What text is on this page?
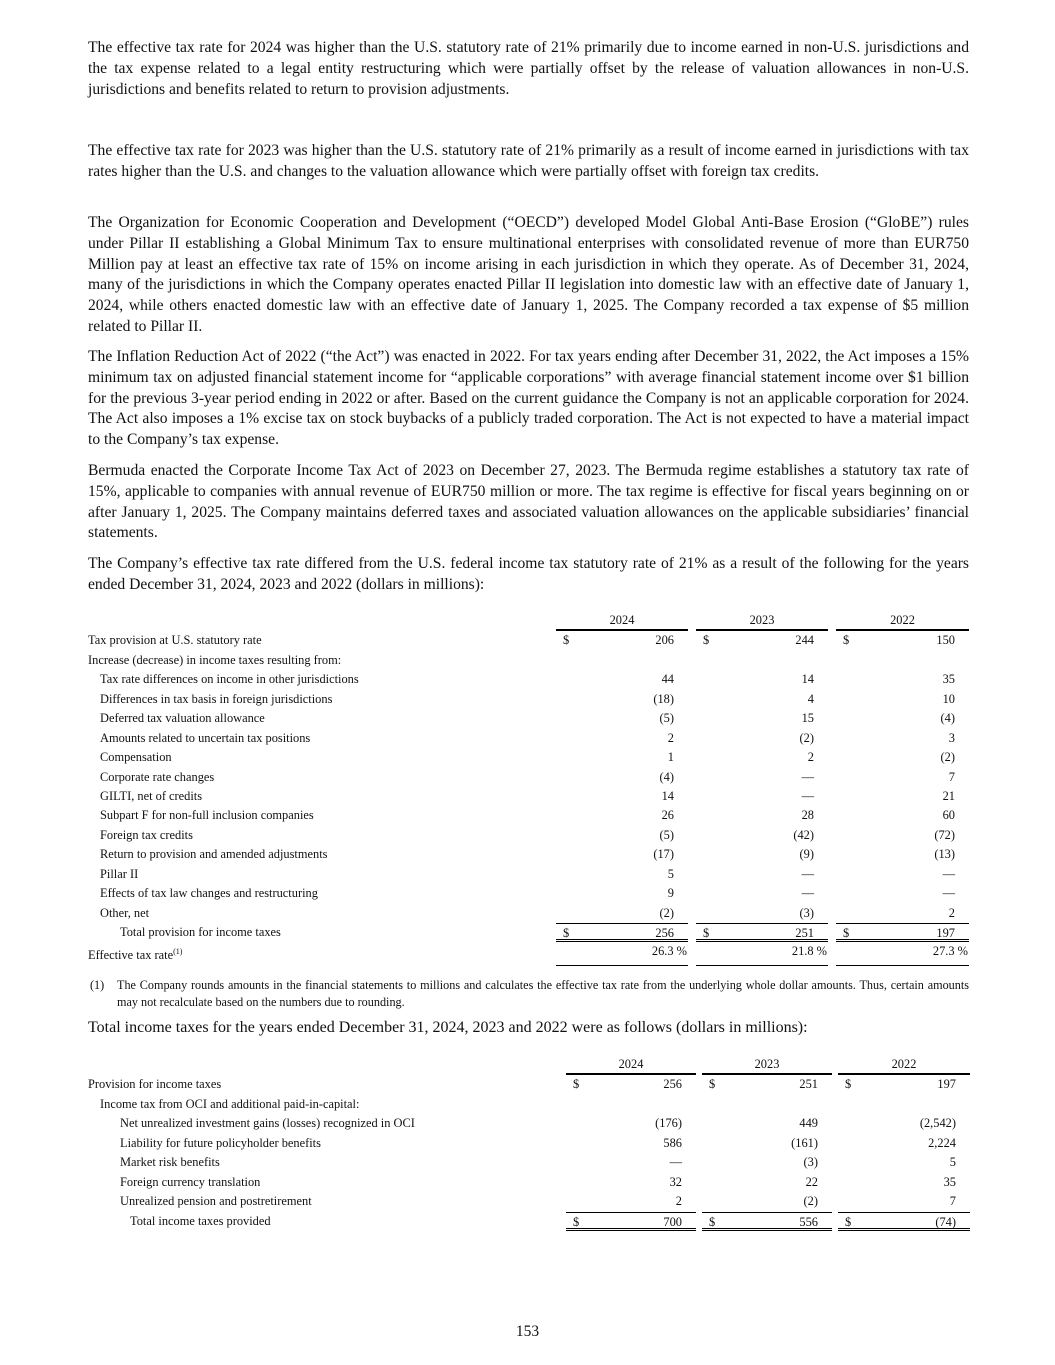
The effective tax rate for 2024 was higher than the U.S. statutory rate of 21% primarily due to income earned in non-U.S. jurisdictions and the tax expense related to a legal entity restructuring which were partially offset by the release of valuation allowances in non-U.S. jurisdictions and benefits related to return to provision adjustments.

The effective tax rate for 2023 was higher than the U.S. statutory rate of 21% primarily as a result of income earned in jurisdictions with tax rates higher than the U.S. and changes to the valuation allowance which were partially offset with foreign tax credits.

The Organization for Economic Cooperation and Development (“OECD”) developed Model Global Anti-Base Erosion (“GloBE”) rules under Pillar II establishing a Global Minimum Tax to ensure multinational enterprises with consolidated revenue of more than EUR750 Million pay at least an effective tax rate of 15% on income arising in each jurisdiction in which they operate. As of December 31, 2024, many of the jurisdictions in which the Company operates enacted Pillar II legislation into domestic law with an effective date of January 1, 2024, while others enacted domestic law with an effective date of January 1, 2025. The Company recorded a tax expense of $5 million related to Pillar II.

The Inflation Reduction Act of 2022 (“the Act”) was enacted in 2022. For tax years ending after December 31, 2022, the Act imposes a 15% minimum tax on adjusted financial statement income for “applicable corporations” with average financial statement income over $1 billion for the previous 3-year period ending in 2022 or after. Based on the current guidance the Company is not an applicable corporation for 2024. The Act also imposes a 1% excise tax on stock buybacks of a publicly traded corporation. The Act is not expected to have a material impact to the Company’s tax expense.

Bermuda enacted the Corporate Income Tax Act of 2023 on December 27, 2023. The Bermuda regime establishes a statutory tax rate of 15%, applicable to companies with annual revenue of EUR750 million or more. The tax regime is effective for fiscal years beginning on or after January 1, 2025. The Company maintains deferred taxes and associated valuation allowances on the applicable subsidiaries’ financial statements.

The Company’s effective tax rate differed from the U.S. federal income tax statutory rate of 21% as a result of the following for the years ended December 31, 2024, 2023 and 2022 (dollars in millions):

2024	2023	2022
Tax provision at U.S. statutory rate	$	206 $	244 $	150
Increase (decrease) in income taxes resulting from:
Tax rate differences on income in other jurisdictions	44	14	35
Differences in tax basis in foreign jurisdictions	(18)	4	10
Deferred tax valuation allowance	(5)	15	(4)
Amounts related to uncertain tax positions	2	(2)	3
Compensation	1	2	(2)
Corporate rate changes	(4)	—	7
GILTI, net of credits	14	—	21
Subpart F for non-full inclusion companies	26	28	60
Foreign tax credits	(5)	(42)	(72)
Return to provision and amended adjustments	(17)	(9)	(13)
Pillar II	5	—	—
Effects of tax law changes and restructuring	9	—	—
Other, net	(2)	(3)	2
Total provision for income taxes	$	256 $	251 $	197
Effective tax rate$^{(1)}$	26.3 %	21.8 %	27.3 %
(1) The Company rounds amounts in the financial statements to millions and calculates the effective tax rate from the underlying whole dollar amounts. Thus, certain amounts may not recalculate based on the numbers due to rounding.

Total income taxes for the years ended December 31, 2024, 2023 and 2022 were as follows (dollars in millions):

2024	2023	2022
Provision for income taxes	$	256 $	251 $	197
Income tax from OCI and additional paid-in-capital:
Net unrealized investment gains (losses) recognized in OCI	(176)	449	(2,542)
Liability for future policyholder benefits	586	(161)	2,224
Market risk benefits	—	(3)	5
Foreign currency translation	32	22	35
Unrealized pension and postretirement	2	(2)	7
Total income taxes provided	$	700 $	556 $	(74)
153
